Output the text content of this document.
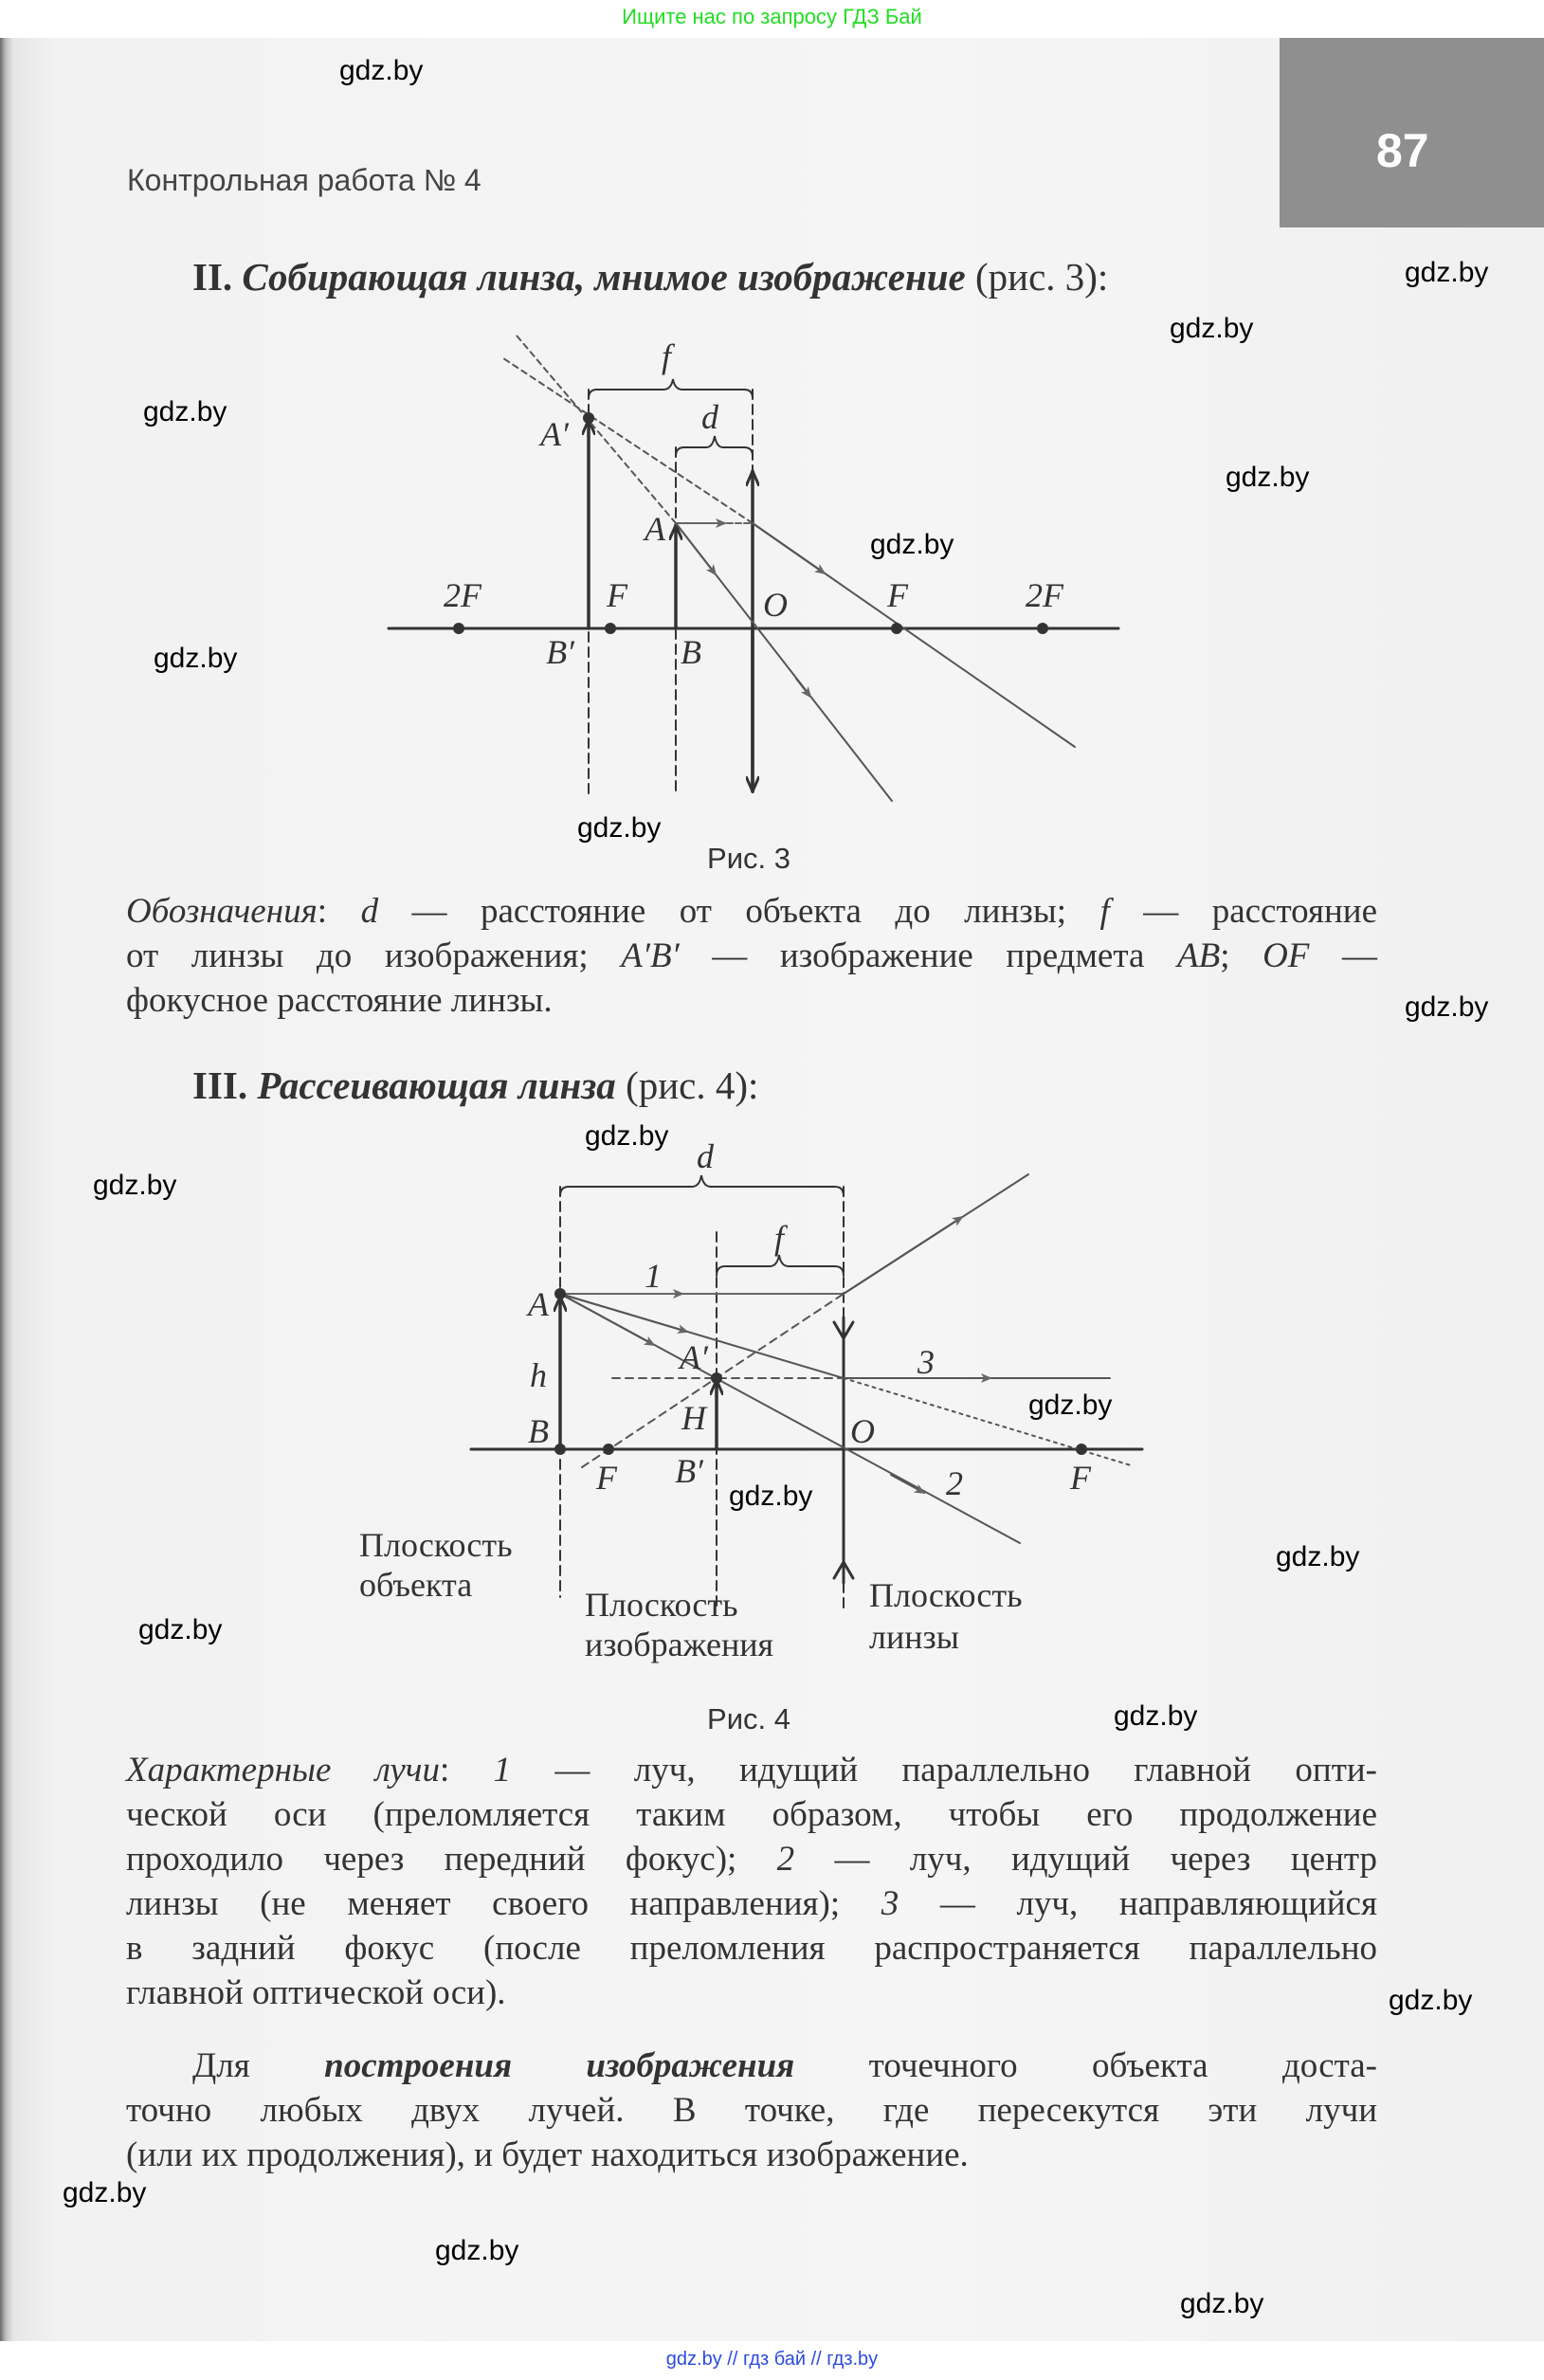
Ищите нас по запросу ГДЗ Бай
87
Контрольная работа № 4
II. Собирающая линза, мнимое изображение (рис. 3):
f
d
A′
A
B′	B
O
F	F
2F	2F
d
f
1
3
2
A
A′
h
H
B
B′
F	F
O
Плоскость
объекта
Плоскость
изображения
Плоскость
линзы
Рис. 3
Обозначения: d — расстояние от объекта до линзы; f — расстояние
от линзы до изображения; A′B′ — изображение предмета AB; OF —
фокусное расстояние линзы.
III. Рассеивающая линза (рис. 4):
Рис. 4
Характерные лучи: 1 — луч, идущий параллельно главной опти-
ческой оси (преломляется таким образом, чтобы его продолжение
проходило через передний фокус); 2 — луч, идущий через центр
линзы (не меняет своего направления); 3 — луч, направляющийся
в задний фокус (после преломления распространяется параллельно
главной оптической оси).
Для построения изображения точечного объекта доста-
точно любых двух лучей. В точке, где пересекутся эти лучи
(или их продолжения), и будет находиться изображение.
gdz.by
gdz.by
gdz.by
gdz.by
gdz.by
gdz.by
gdz.by
gdz.by
gdz.by
gdz.by
gdz.by
gdz.by
gdz.by
gdz.by
gdz.by
gdz.by
gdz.by
gdz.by
gdz.by
gdz.by
gdz.by // гдз бай // гдз.by
